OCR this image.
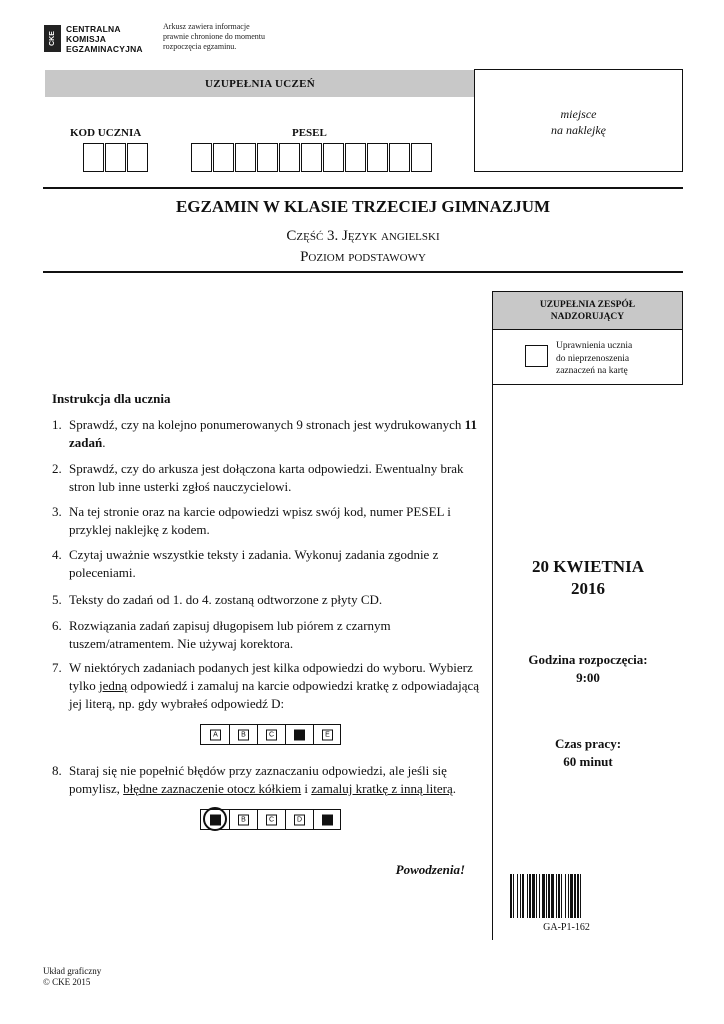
CKE
CENTRALNA
KOMISJA
EGZAMINACYJNA
Arkusz zawiera informacje
prawnie chronione do momentu
rozpoczęcia egzaminu.
UZUPEŁNIA UCZEŃ
KOD UCZNIA	PESEL
miejsce
na naklejkę
EGZAMIN W KLASIE TRZECIEJ GIMNAZJUM
Część 3. Język angielski
Poziom podstawowy
UZUPEŁNIA ZESPÓŁ
NADZORUJĄCY
Uprawnienia ucznia
do nieprzenoszenia
zaznaczeń na kartę
20 KWIETNIA
2016
Godzina rozpoczęcia:
9:00
Czas pracy:
60 minut
GA-P1-162
Instrukcja dla ucznia
1. Sprawdź, czy na kolejno ponumerowanych 9 stronach jest wydrukowanych 11 zadań.
2. Sprawdź, czy do arkusza jest dołączona karta odpowiedzi. Ewentualny brak stron lub inne usterki zgłoś nauczycielowi.
3. Na tej stronie oraz na karcie odpowiedzi wpisz swój kod, numer PESEL i przyklej naklejkę z kodem.
4. Czytaj uważnie wszystkie teksty i zadania. Wykonuj zadania zgodnie z poleceniami.
5. Teksty do zadań od 1. do 4. zostaną odtworzone z płyty CD.
6. Rozwiązania zadań zapisuj długopisem lub piórem z czarnym tuszem/atramentem. Nie używaj korektora.
7. W niektórych zadaniach podanych jest kilka odpowiedzi do wyboru. Wybierz tylko jedną odpowiedź i zamaluj na karcie odpowiedzi kratkę z odpowiadającą jej literą, np. gdy wybrałeś odpowiedź D:
A	B	C	E
8. Staraj się nie popełnić błędów przy zaznaczaniu odpowiedzi, ale jeśli się pomylisz, błędne zaznaczenie otocz kółkiem i zamaluj kratkę z inną literą.
B	C	D
Powodzenia!
Układ graficzny
© CKE 2015
